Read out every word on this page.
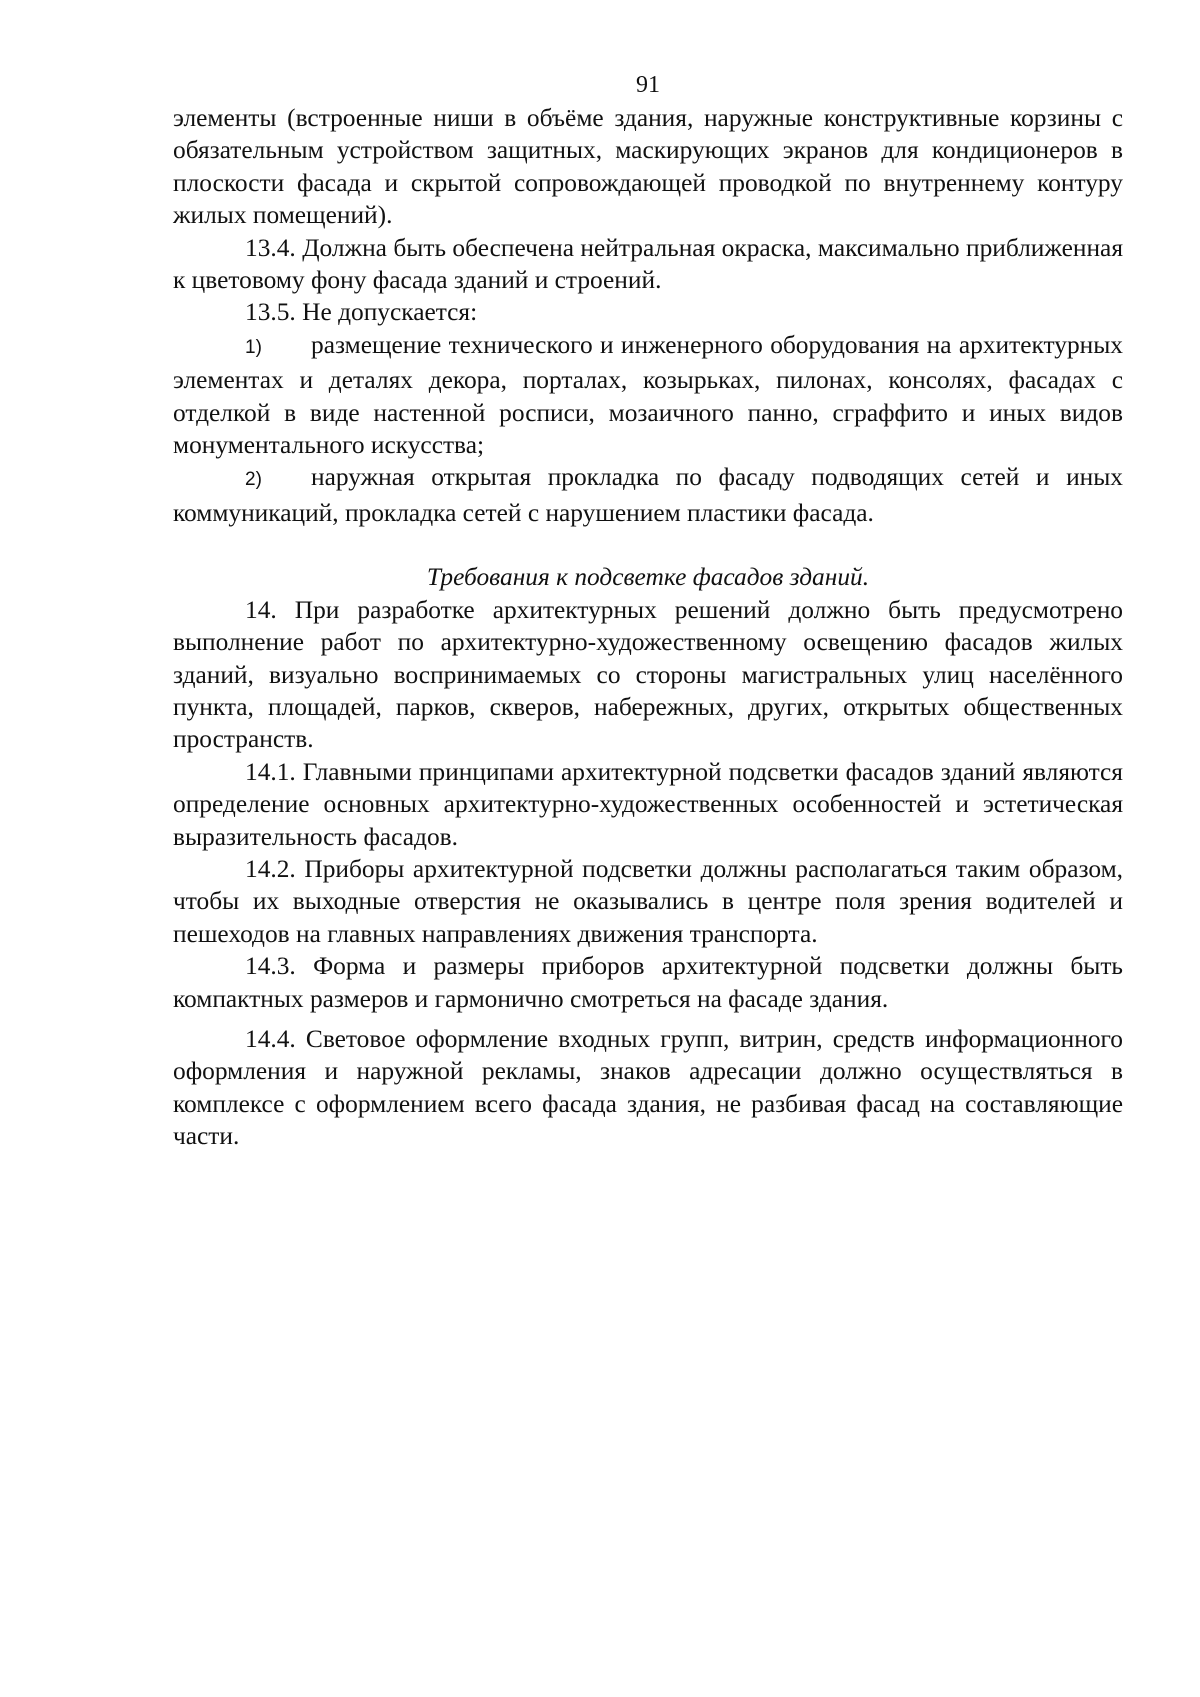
91

элементы (встроенные ниши в объёме здания, наружные конструктивные корзины с обязательным устройством защитных, маскирующих экранов для кондиционеров в плоскости фасада и скрытой сопровождающей проводкой по внутреннему контуру жилых помещений).

13.4. Должна быть обеспечена нейтральная окраска, максимально приближенная к цветовому фону фасада зданий и строений.

13.5. Не допускается:

1) размещение технического и инженерного оборудования на архитектурных элементах и деталях декора, порталах, козырьках, пилонах, консолях, фасадах с отделкой в виде настенной росписи, мозаичного панно, сграффито и иных видов монументального искусства;

2) наружная открытая прокладка по фасаду подводящих сетей и иных коммуникаций, прокладка сетей с нарушением пластики фасада.

Требования к подсветке фасадов зданий.

14. При разработке архитектурных решений должно быть предусмотрено выполнение работ по архитектурно-художественному освещению фасадов жилых зданий, визуально воспринимаемых со стороны магистральных улиц населённого пункта, площадей, парков, скверов, набережных, других, открытых общественных пространств.

14.1. Главными принципами архитектурной подсветки фасадов зданий являются определение основных архитектурно-художественных особенностей и эстетическая выразительность фасадов.

14.2. Приборы архитектурной подсветки должны располагаться таким образом, чтобы их выходные отверстия не оказывались в центре поля зрения водителей и пешеходов на главных направлениях движения транспорта.

14.3. Форма и размеры приборов архитектурной подсветки должны быть компактных размеров и гармонично смотреться на фасаде здания.

14.4. Световое оформление входных групп, витрин, средств информационного оформления и наружной рекламы, знаков адресации должно осуществляться в комплексе с оформлением всего фасада здания, не разбивая фасад на составляющие части.
